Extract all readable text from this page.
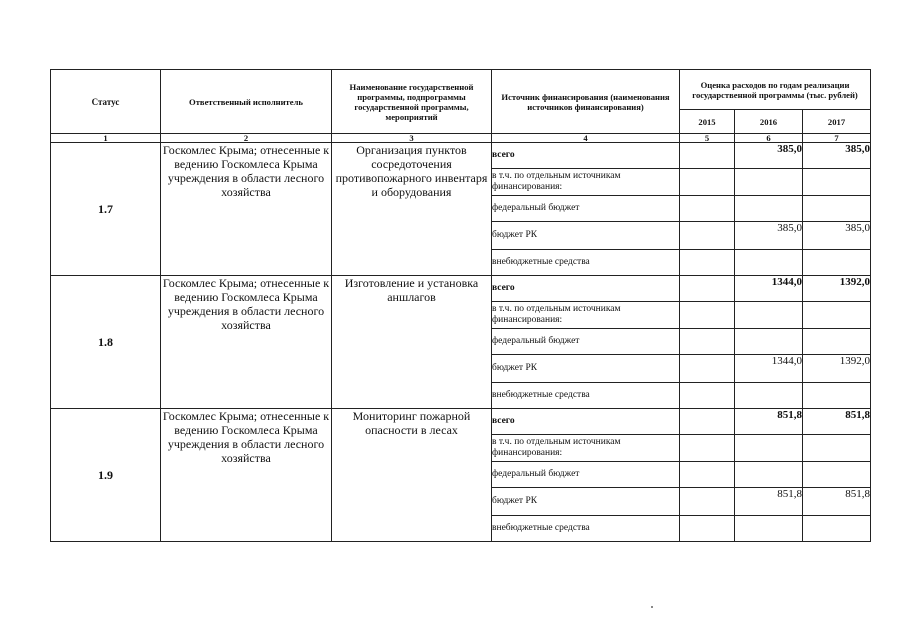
Статус	Ответственный исполнитель	Наименование государственной программы, подпрограммы государственной программы, мероприятий	Источник финансирования (наименования источников финансирования)	Оценка расходов по годам реализации государственной программы (тыс. рублей)		
				2015	2016	2017
1	2	3	4	5	6	7
1.7	Госкомлес Крыма; отнесенные к ведению Госкомлеса Крыма учреждения в области лесного хозяйства	Организация пунктов сосредоточения противопожарного инвентаря и оборудования	всего		385,0	385,0
			в т.ч. по отдельным источникам финансирования:			
			федеральный бюджет			
			бюджет РК		385,0	385,0
			внебюджетные средства			
1.8	Госкомлес Крыма; отнесенные к ведению Госкомлеса Крыма учреждения в области лесного хозяйства	Изготовление и установка аншлагов	всего		1344,0	1392,0
			в т.ч. по отдельным источникам финансирования:			
			федеральный бюджет			
			бюджет РК		1344,0	1392,0
			внебюджетные средства			
1.9	Госкомлес Крыма; отнесенные к ведению Госкомлеса Крыма учреждения в области лесного хозяйства	Мониторинг пожарной опасности в лесах	всего		851,8	851,8
			в т.ч. по отдельным источникам финансирования:			
			федеральный бюджет			
			бюджет РК		851,8	851,8
			внебюджетные средства			
